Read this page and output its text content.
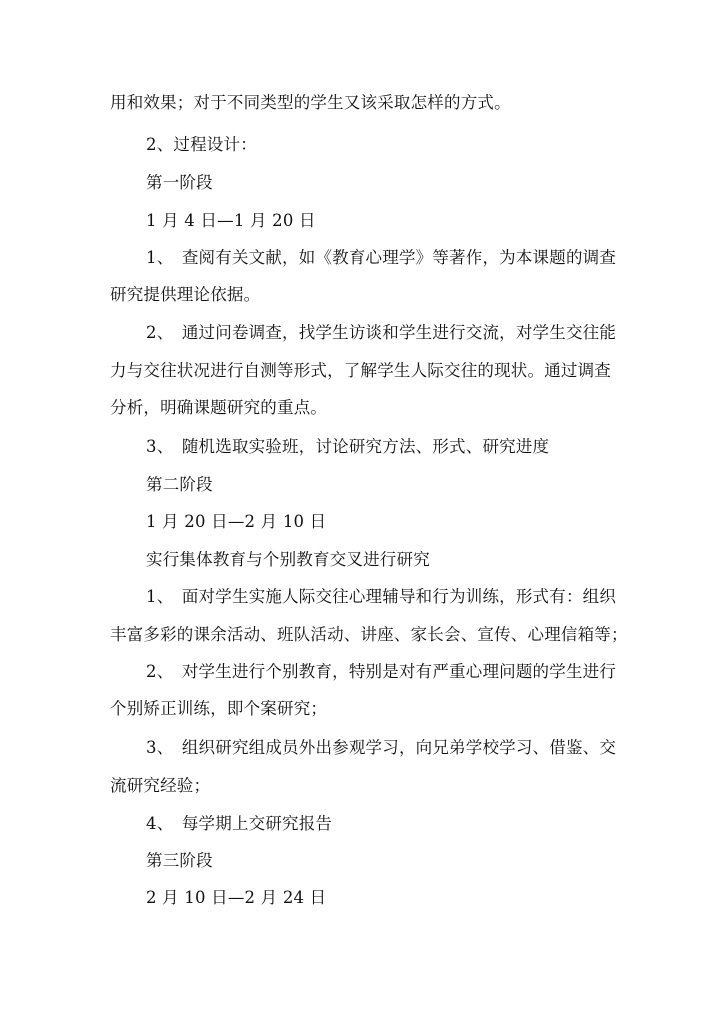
用和效果；对于不同类型的学生又该采取怎样的方式。
2、过程设计：
第一阶段
1 月 4 日—1 月 20 日
1、　查阅有关文献，如《教育心理学》等著作，为本课题的调查
研究提供理论依据。
2、　通过问卷调查，找学生访谈和学生进行交流，对学生交往能
力与交往状况进行自测等形式，了解学生人际交往的现状。通过调查
分析，明确课题研究的重点。
3、　随机选取实验班，讨论研究方法、形式、研究进度
第二阶段
1 月 20 日—2 月 10 日
实行集体教育与个别教育交叉进行研究
1、　面对学生实施人际交往心理辅导和行为训练，形式有：组织
丰富多彩的课余活动、班队活动、讲座、家长会、宣传、心理信箱等；
2、　对学生进行个别教育，特别是对有严重心理问题的学生进行
个别矫正训练，即个案研究；
3、　组织研究组成员外出参观学习，向兄弟学校学习、借鉴、交
流研究经验；
4、　每学期上交研究报告
第三阶段
2 月 10 日—2 月 24 日
